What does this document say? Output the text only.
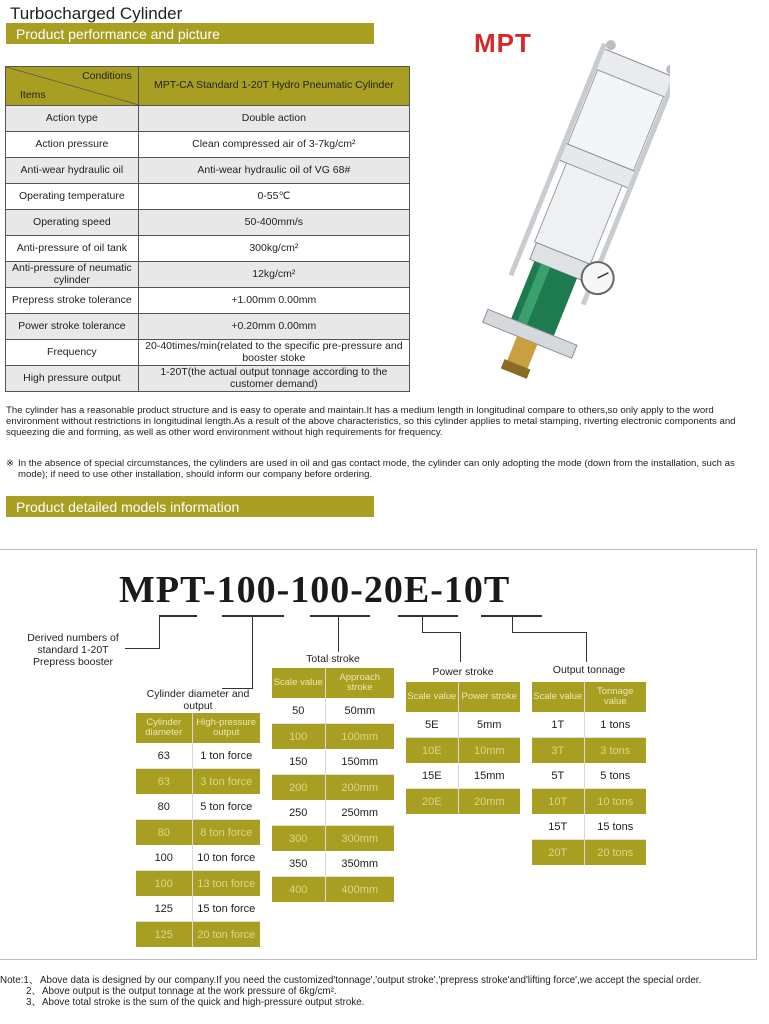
Turbocharged Cylinder
Product performance and picture	MPT
Conditions
Items	MPT-CA Standard 1-20T Hydro Pneumatic Cylinder
Action type	Double action
Action pressure	Clean compressed air of 3-7kg/cm²
Anti-wear hydraulic oil	Anti-wear hydraulic oil of VG 68#
Operating temperature	0-55℃
Operating speed	50-400mm/s
Anti-pressure of oil tank	300kg/cm²
Anti-pressure of neumatic cylinder	12kg/cm²
Prepress stroke tolerance	+1.00mm 0.00mm
Power stroke tolerance	+0.20mm 0.00mm
Frequency	20-40times/min(related to the specific pre-pressure and booster stoke
High pressure output	1-20T(the actual output tonnage according to the customer demand)
The cylinder has a reasonable product structure and is easy to operate and maintain.It has a medium length in longitudinal compare to others,so only apply to the word environment without restrictions in longitudinal length.As a result of the above characteristics, so this cylinder applies to metal stamping, riverting electronic components and squeezing die and forming, as well as other word environment without high requirements for frequency.
※ In the absence of special circumstances, the cylinders are used in oil and gas contact mode, the cylinder can only adopting the mode (down from the installation, such as mode); if need to use other installation, should inform our company before ordering.
Product detailed models information
MPT-100-100-20E-10T
Derived numbers of standard 1-20T Prepress booster
Cylinder diameter and output
Cylinder diameter	High-pressure output
63	1 ton force
63	3 ton force
80	5 ton force
80	8 ton force
100	10 ton force
100	13 ton force
125	15 ton force
125	20 ton force
Total stroke
Scale value	Approach stroke
50	50mm
100	100mm
150	150mm
200	200mm
250	250mm
300	300mm
350	350mm
400	400mm
Power stroke
Scale value	Power stroke
5E	5mm
10E	10mm
15E	15mm
20E	20mm
Output tonnage
Scale value	Tonnage value
1T	1 tons
3T	3 tons
5T	5 tons
10T	10 tons
15T	15 tons
20T	20 tons
Note:1、 Above data is designed by our company.If you need the customized'tonnage','output stroke','prepress stroke'and'lifting force',we accept the special order.
2、 Above output is the output tonnage at the work pressure of 6kg/cm².
3、 Above total stroke is the sum of the quick and high-pressure output stroke.
